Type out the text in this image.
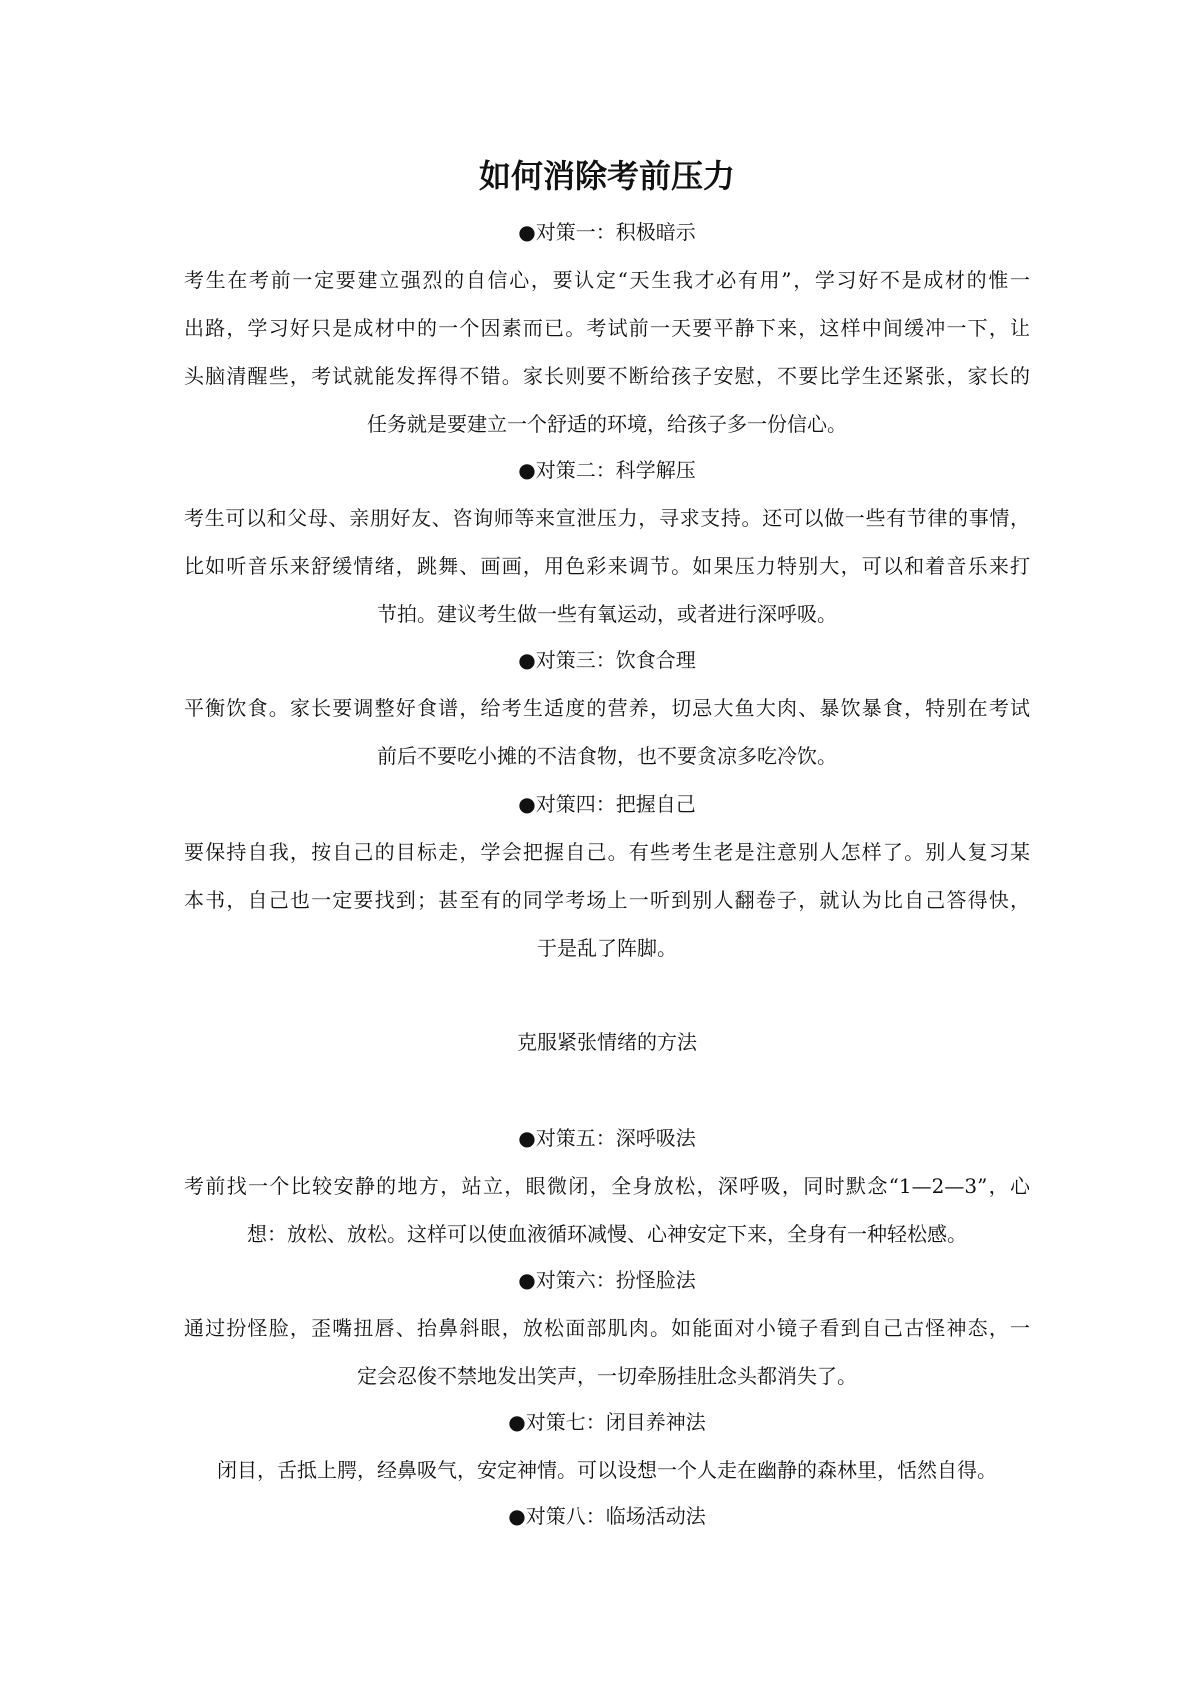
如何消除考前压力

●对策一：积极暗示

考生在考前一定要建立强烈的自信心，要认定“天生我才必有用”，学习好不是成材的惟一
出路，学习好只是成材中的一个因素而已。考试前一天要平静下来，这样中间缓冲一下，让
头脑清醒些，考试就能发挥得不错。家长则要不断给孩子安慰，不要比学生还紧张，家长的
任务就是要建立一个舒适的环境，给孩子多一份信心。

●对策二：科学解压

考生可以和父母、亲朋好友、咨询师等来宣泄压力，寻求支持。还可以做一些有节律的事情，
比如听音乐来舒缓情绪，跳舞、画画，用色彩来调节。如果压力特别大，可以和着音乐来打
节拍。建议考生做一些有氧运动，或者进行深呼吸。

●对策三：饮食合理

平衡饮食。家长要调整好食谱，给考生适度的营养，切忌大鱼大肉、暴饮暴食，特别在考试
前后不要吃小摊的不洁食物，也不要贪凉多吃冷饮。

●对策四：把握自己

要保持自我，按自己的目标走，学会把握自己。有些考生老是注意别人怎样了。别人复习某
本书，自己也一定要找到；甚至有的同学考场上一听到别人翻卷子，就认为比自己答得快，
于是乱了阵脚。

克服紧张情绪的方法

●对策五：深呼吸法

考前找一个比较安静的地方，站立，眼微闭，全身放松，深呼吸，同时默念“1—2—3”，心
想：放松、放松。这样可以使血液循环减慢、心神安定下来，全身有一种轻松感。

●对策六：扮怪脸法

通过扮怪脸，歪嘴扭唇、抬鼻斜眼，放松面部肌肉。如能面对小镜子看到自己古怪神态，一
定会忍俊不禁地发出笑声，一切牵肠挂肚念头都消失了。

●对策七：闭目养神法

闭目，舌抵上腭，经鼻吸气，安定神情。可以设想一个人走在幽静的森林里，恬然自得。

●对策八：临场活动法
